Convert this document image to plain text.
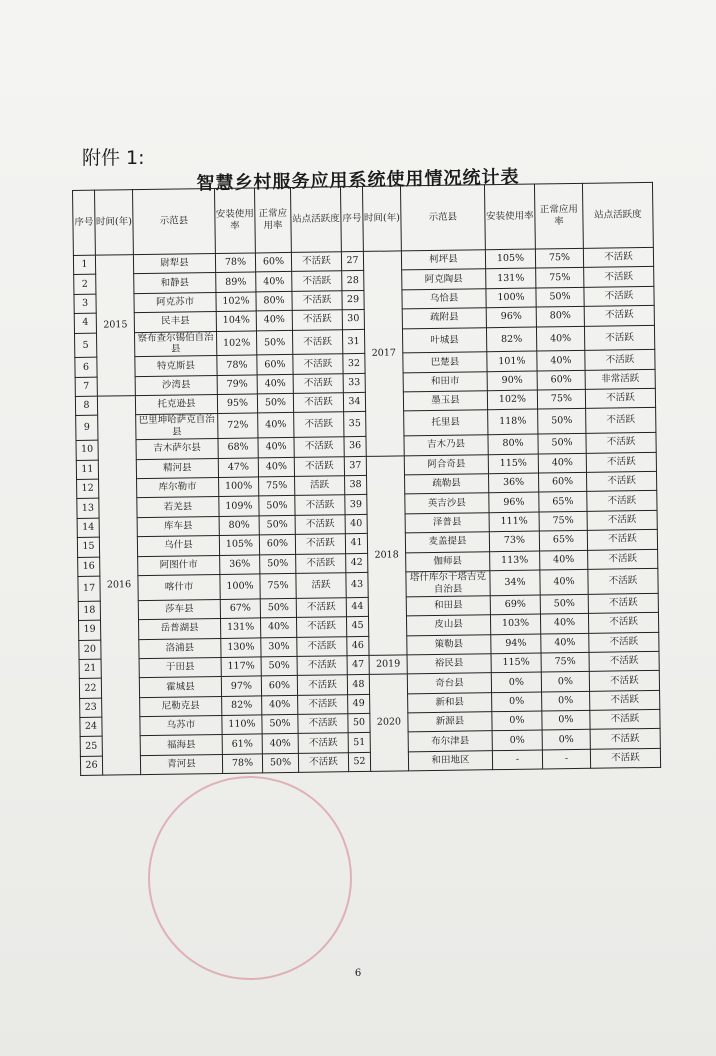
附件 1:
智慧乡村服务应用系统使用情况统计表
序号	时间(年)	示范县	安装使用率	正常应用率	站点活跃度	序号	时间(年)	示范县	安装使用率	正常应用率	站点活跃度
1	2015	尉犁县	78%	60%	不活跃	27	2017	柯坪县	105%	75%	不活跃
2		和静县	89%	40%	不活跃	28		阿克陶县	131%	75%	不活跃
3		阿克苏市	102%	80%	不活跃	29		乌恰县	100%	50%	不活跃
4		民丰县	104%	40%	不活跃	30		疏附县	96%	80%	不活跃
5		察布查尔锡伯自治县	102%	50%	不活跃	31		叶城县	82%	40%	不活跃
6		特克斯县	78%	60%	不活跃	32		巴楚县	101%	40%	不活跃
7		沙湾县	79%	40%	不活跃	33		和田市	90%	60%	非常活跃
8	2016	托克逊县	95%	50%	不活跃	34		墨玉县	102%	75%	不活跃
9		巴里坤哈萨克自治县	72%	40%	不活跃	35		托里县	118%	50%	不活跃
10		吉木萨尔县	68%	40%	不活跃	36		吉木乃县	80%	50%	不活跃
11		精河县	47%	40%	不活跃	37	2018	阿合奇县	115%	40%	不活跃
12		库尔勒市	100%	75%	活跃	38		疏勒县	36%	60%	不活跃
13		若羌县	109%	50%	不活跃	39		英吉沙县	96%	65%	不活跃
14		库车县	80%	50%	不活跃	40		泽普县	111%	75%	不活跃
15		乌什县	105%	60%	不活跃	41		麦盖提县	73%	65%	不活跃
16		阿图什市	36%	50%	不活跃	42		伽师县	113%	40%	不活跃
17		喀什市	100%	75%	活跃	43		塔什库尔干塔吉克自治县	34%	40%	不活跃
18		莎车县	67%	50%	不活跃	44		和田县	69%	50%	不活跃
19		岳普湖县	131%	40%	不活跃	45		皮山县	103%	40%	不活跃
20		洛浦县	130%	30%	不活跃	46		策勒县	94%	40%	不活跃
21		于田县	117%	50%	不活跃	47	2019	裕民县	115%	75%	不活跃
22		霍城县	97%	60%	不活跃	48	2020	奇台县	0%	0%	不活跃
23		尼勒克县	82%	40%	不活跃	49		新和县	0%	0%	不活跃
24		乌苏市	110%	50%	不活跃	50		新源县	0%	0%	不活跃
25		福海县	61%	40%	不活跃	51		布尔津县	0%	0%	不活跃
26		青河县	78%	50%	不活跃	52		和田地区	-	-	不活跃
6
